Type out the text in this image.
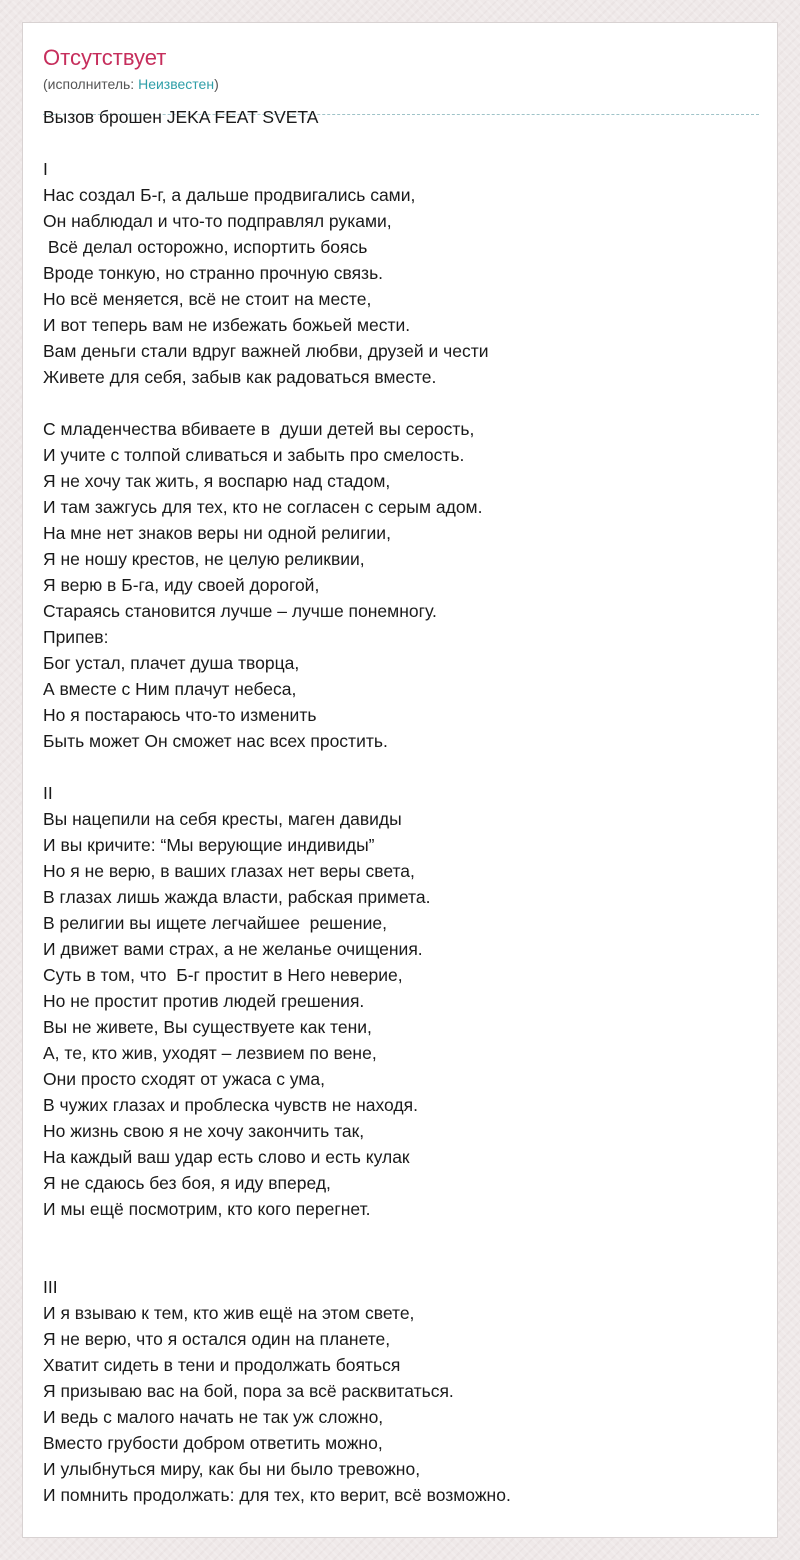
Отсутствует
(исполнитель: Неизвестен)
Вызов брошен JEKA FEAT SVETA

I
Нас создал Б-г, а дальше продвигались сами,
Он наблюдал и что-то подправлял руками,
Всё делал осторожно, испортить боясь
Вроде тонкую, но странно прочную связь.
Но всё меняется, всё не стоит на месте,
И вот теперь вам не избежать божьей мести.
Вам деньги стали вдруг важней любви, друзей и чести
Живете для себя, забыв как радоваться вместе.

С младенчества вбиваете в  души детей вы серость,
И учите с толпой сливаться и забыть про смелость.
Я не хочу так жить, я воспарю над стадом,
И там зажгусь для тех, кто не согласен с серым адом.
На мне нет знаков веры ни одной религии,
Я не ношу крестов, не целую реликвии,
Я верю в Б-га, иду своей дорогой,
Стараясь становится лучше – лучше понемногу.
Припев:
Бог устал, плачет душа творца,
А вместе с Ним плачут небеса,
Но я постараюсь что-то изменить
Быть может Он сможет нас всех простить.

II
Вы нацепили на себя кресты, маген давиды
И вы кричите: “Мы верующие индивиды”
Но я не верю, в ваших глазах нет веры света,
В глазах лишь жажда власти, рабская примета.
В религии вы ищете легчайшее  решение,
И движет вами страх, а не желанье очищения.
Суть в том, что  Б-г простит в Него неверие,
Но не простит против людей грешения.
Вы не живете, Вы существуете как тени,
А, те, кто жив, уходят – лезвием по вене,
Они просто сходят от ужаса с ума,
В чужих глазах и проблеска чувств не находя.
Но жизнь свою я не хочу закончить так,
На каждый ваш удар есть слово и есть кулак
Я не сдаюсь без боя, я иду вперед,
И мы ещё посмотрим, кто кого перегнет.

III
И я взываю к тем, кто жив ещё на этом свете,
Я не верю, что я остался один на планете,
Хватит сидеть в тени и продолжать бояться
Я призываю вас на бой, пора за всё расквитаться.
И ведь с малого начать не так уж сложно,
Вместо грубости добром ответить можно,
И улыбнуться миру, как бы ни было тревожно,
И помнить продолжать: для тех, кто верит, всё возможно.
